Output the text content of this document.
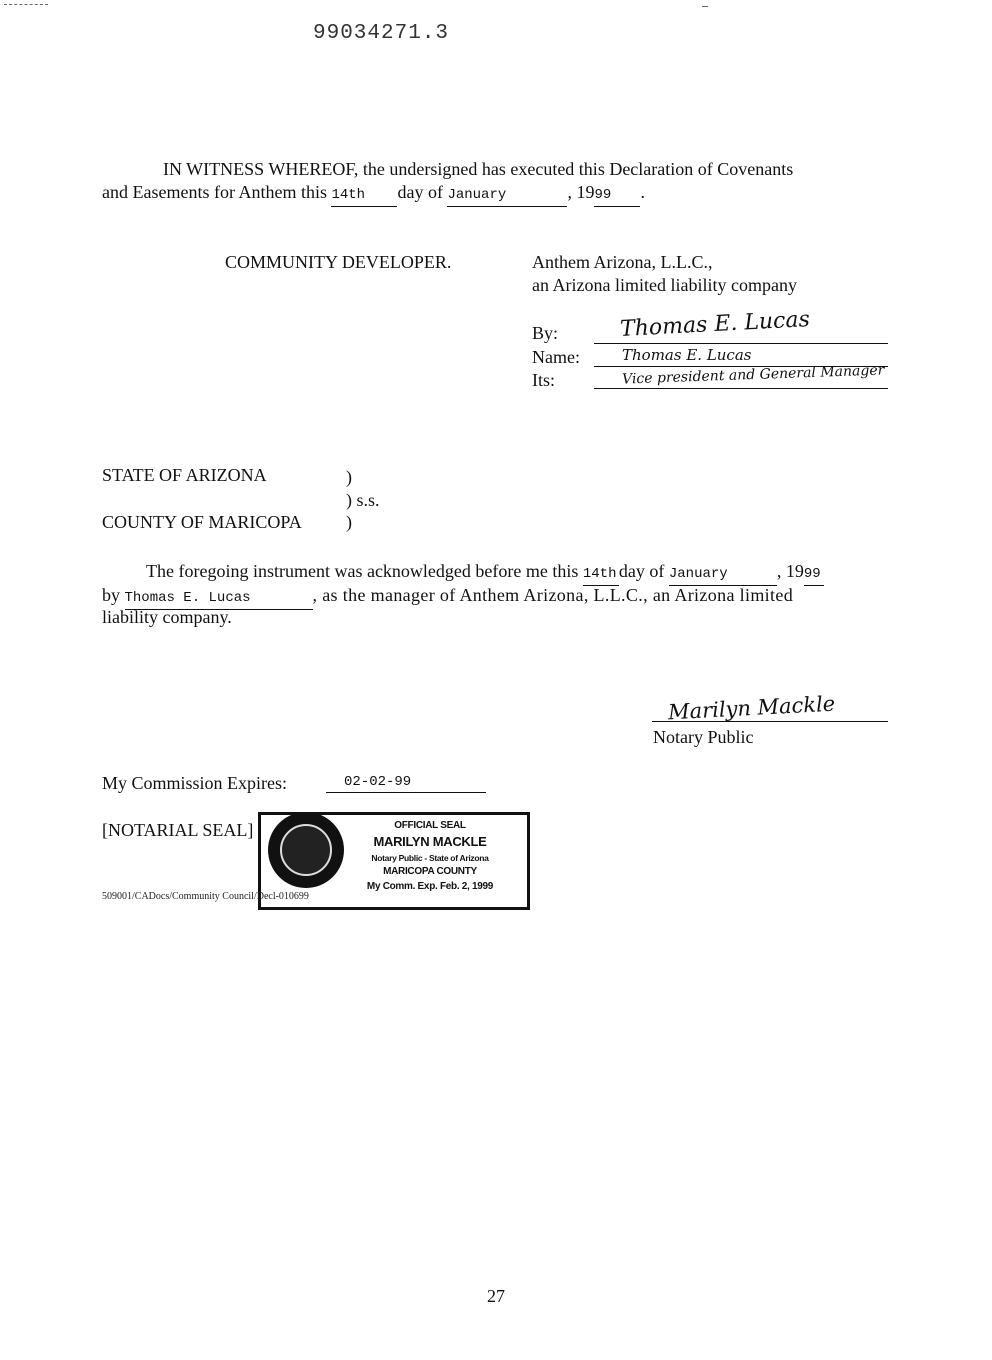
99034271.3
IN WITNESS WHEREOF, the undersigned has executed this Declaration of Covenants
and Easements for Anthem this 14th day of January	, 1999 .
COMMUNITY DEVELOPER.	Anthem Arizona, L.L.C.,
an Arizona limited liability company
By:	Thomas E. Lucas
Name:	Thomas E. Lucas
Its:	Vice president and General Manager
STATE OF ARIZONA	)
) s.s.
COUNTY OF MARICOPA )
The foregoing instrument was acknowledged before me this 14th day of January	, 1999
by Thomas E. Lucas	, as the manager of Anthem Arizona, L.L.C., an Arizona limited
liability company.
Marilyn Mackle
Notary Public
My Commission Expires:	02-02-99
[NOTARIAL SEAL]	OFFICIAL SEAL
MARILYN MACKLE
Notary Public - State of Arizona
MARICOPA COUNTY
My Comm. Exp. Feb. 2, 1999
509001/CADocs/Community Council/Decl-010699
27
